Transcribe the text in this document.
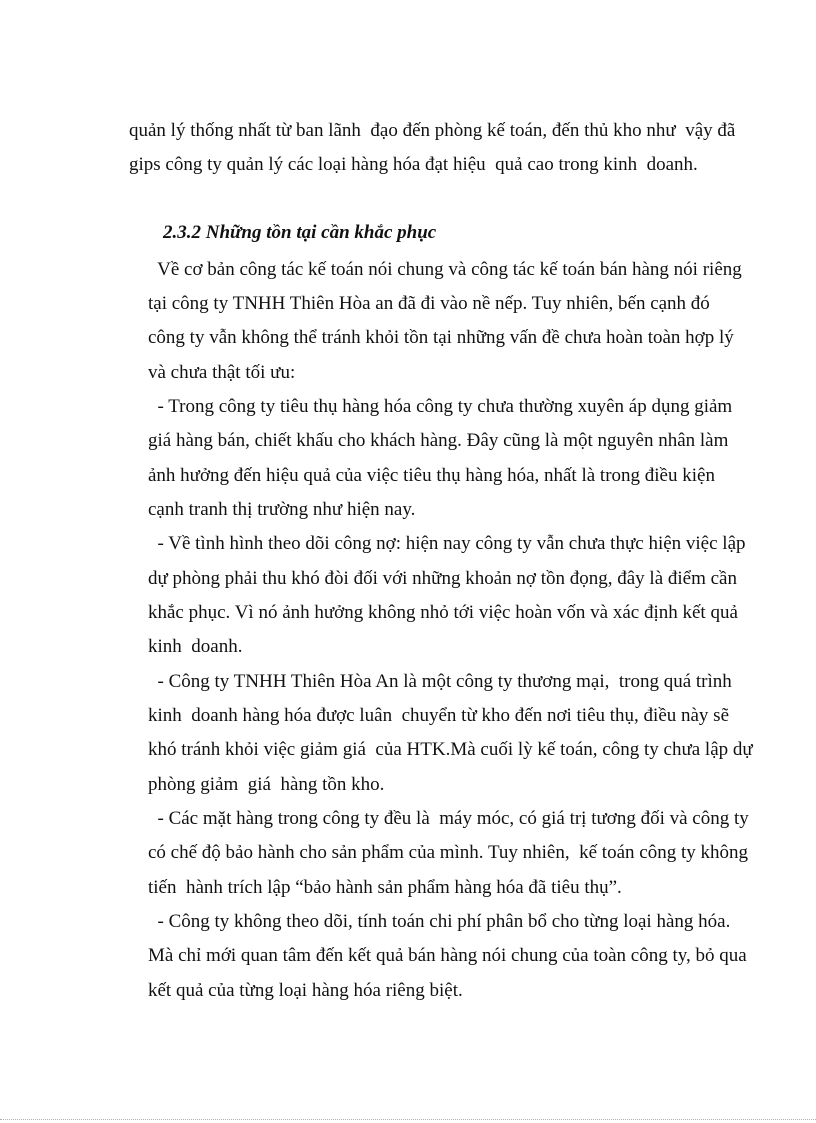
quản lý thống nhất từ ban lãnh  đạo đến phòng kế toán, đến thủ kho như  vậy đã
gips công ty quản lý các loại hàng hóa đạt hiệu  quả cao trong kinh  doanh.
2.3.2 Những tồn tại cần khắc phục
Về cơ bản công tác kế toán nói chung và công tác kế toán bán hàng nói riêng
tại công ty TNHH Thiên Hòa an đã đi vào nề nếp. Tuy nhiên, bến cạnh đó
công ty vẫn không thể tránh khỏi tồn tại những vấn đề chưa hoàn toàn hợp lý
và chưa thật tối ưu:
- Trong công ty tiêu thụ hàng hóa công ty chưa thường xuyên áp dụng giảm
giá hàng bán, chiết khấu cho khách hàng. Đây cũng là một nguyên nhân làm
ảnh hưởng đến hiệu quả của việc tiêu thụ hàng hóa, nhất là trong điều kiện
cạnh tranh thị trường như hiện nay.
- Về tình hình theo dõi công nợ: hiện nay công ty vẫn chưa thực hiện việc lập
dự phòng phải thu khó đòi đối với những khoản nợ tồn đọng, đây là điểm cần
khắc phục. Vì nó ảnh hưởng không nhỏ tới việc hoàn vốn và xác định kết quả
kinh  doanh.
- Công ty TNHH Thiên Hòa An là một công ty thương mại,  trong quá trình
kinh  doanh hàng hóa được luân  chuyển từ kho đến nơi tiêu thụ, điều này sẽ
khó tránh khỏi việc giảm giá  của HTK.Mà cuối lỳ kế toán, công ty chưa lập dự
phòng giảm  giá  hàng tồn kho.
- Các mặt hàng trong công ty đều là  máy móc, có giá trị tương đối và công ty
có chế độ bảo hành cho sản phẩm của mình. Tuy nhiên,  kế toán công ty không
tiến  hành trích lập “bảo hành sản phẩm hàng hóa đã tiêu thụ”.
- Công ty không theo dõi, tính toán chi phí phân bổ cho từng loại hàng hóa.
Mà chỉ mới quan tâm đến kết quả bán hàng nói chung của toàn công ty, bỏ qua
kết quả của từng loại hàng hóa riêng biệt.
